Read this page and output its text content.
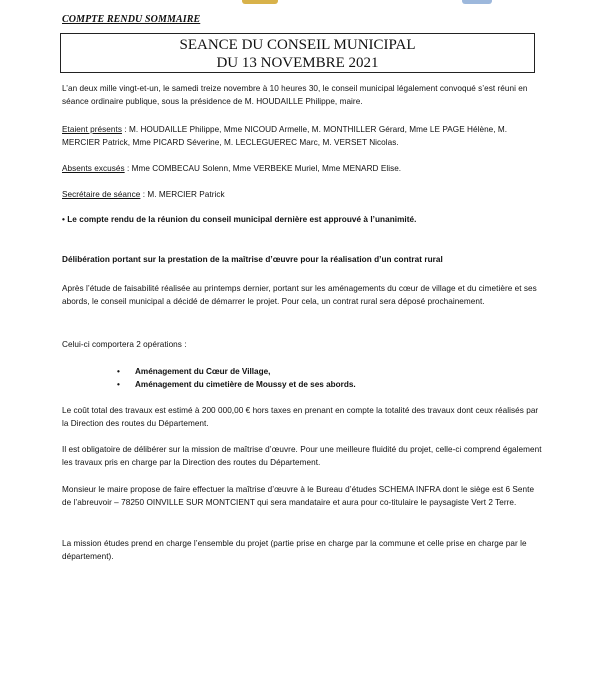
COMPTE RENDU SOMMAIRE
SEANCE DU CONSEIL MUNICIPAL
DU 13 NOVEMBRE 2021
L’an deux mille vingt-et-un, le samedi treize novembre à 10 heures 30, le conseil municipal légalement convoqué s’est réuni en séance ordinaire publique, sous la présidence de M. HOUDAILLE Philippe, maire.
Etaient présents : M. HOUDAILLE Philippe, Mme NICOUD Armelle, M. MONTHILLER Gérard, Mme LE PAGE Hélène, M. MERCIER Patrick, Mme PICARD Séverine, M. LECLEGUEREC Marc, M. VERSET Nicolas.
Absents excusés : Mme COMBECAU Solenn, Mme VERBEKE Muriel, Mme MENARD Elise.
Secrétaire de séance : M. MERCIER Patrick
• Le compte rendu de la réunion du conseil municipal dernière est approuvé à l’unanimité.
Délibération portant sur la prestation de la maîtrise d’œuvre pour la réalisation d’un contrat rural
Après l’étude de faisabilité réalisée au printemps dernier, portant sur les aménagements du cœur de village et du cimetière et ses abords, le conseil municipal a décidé de démarrer le projet. Pour cela, un contrat rural sera déposé prochainement.
Celui-ci comportera 2 opérations :
• Aménagement du Cœur de Village,
• Aménagement du cimetière de Moussy et de ses abords.
Le coût total des travaux est estimé à 200 000,00 € hors taxes en prenant en compte la totalité des travaux dont ceux réalisés par la Direction des routes du Département.
Il est obligatoire de délibérer sur la mission de maîtrise d’œuvre. Pour une meilleure fluidité du projet, celle-ci comprend également les travaux pris en charge par la Direction des routes du Département.
Monsieur le maire propose de faire effectuer la maîtrise d’œuvre à le Bureau d’études SCHEMA INFRA dont le siège est 6 Sente de l’abreuvoir – 78250 OINVILLE SUR MONTCIENT qui sera mandataire et aura pour co-titulaire le paysagiste Vert 2 Terre.
La mission études prend en charge l’ensemble du projet (partie prise en charge par la commune et celle prise en charge par le département).
